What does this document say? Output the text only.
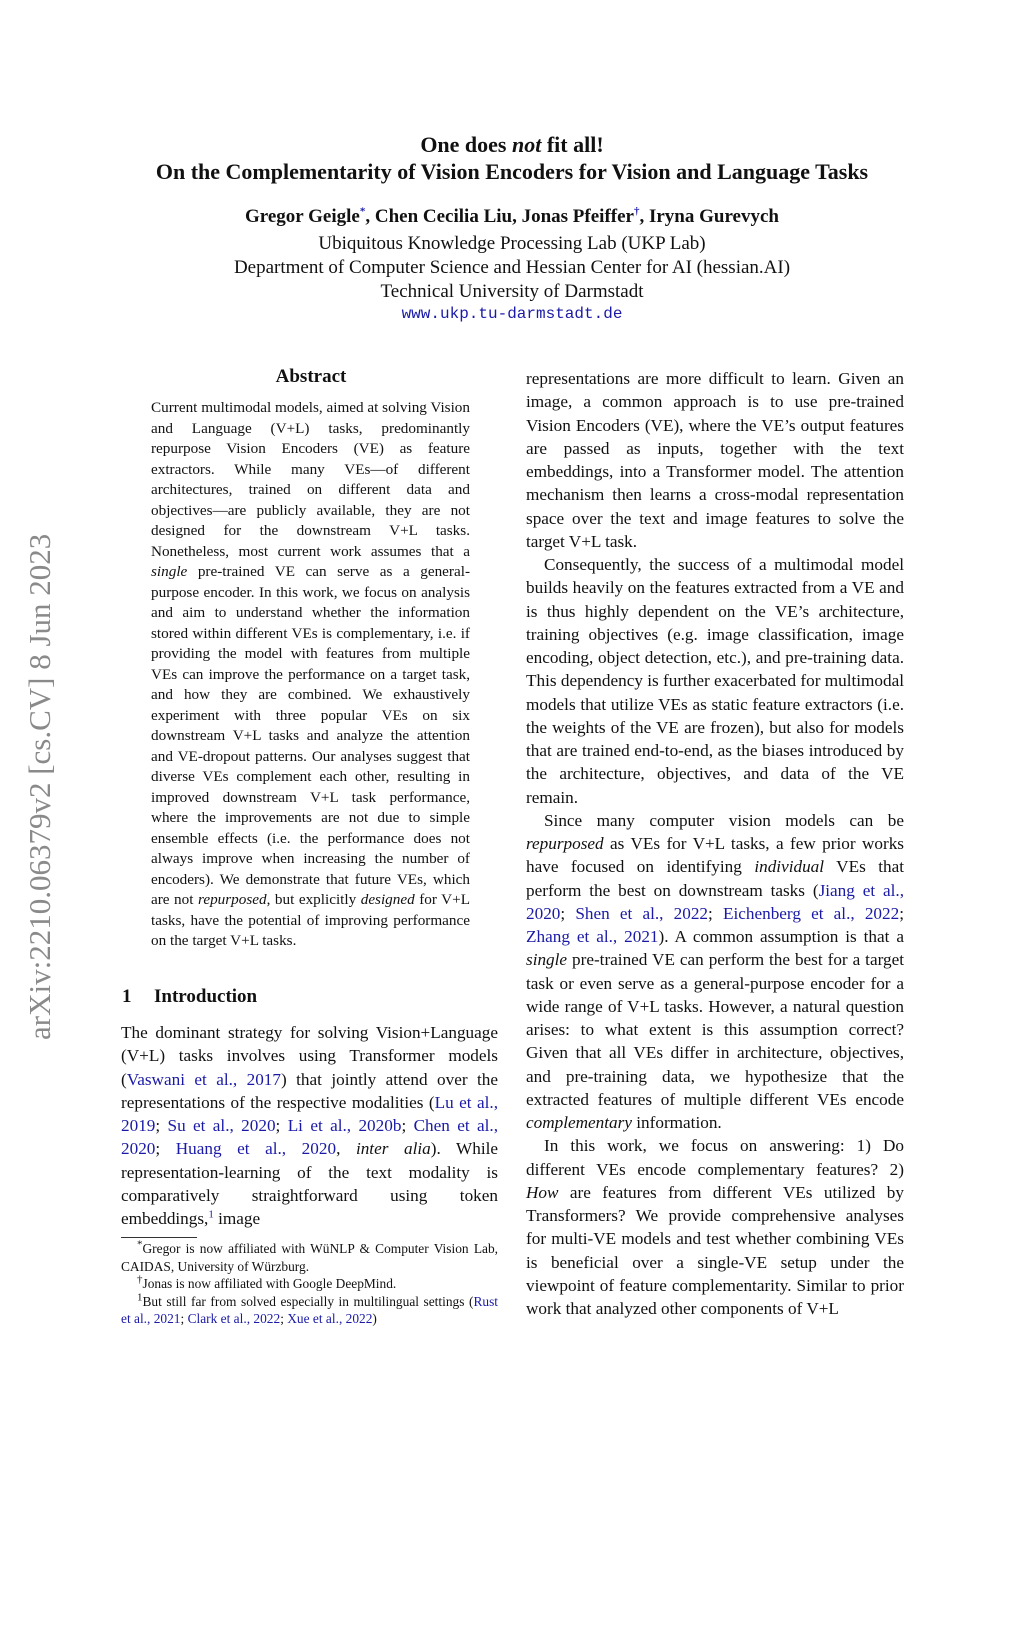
arXiv:2210.06379v2 [cs.CV] 8 Jun 2023
One does not fit all!
On the Complementarity of Vision Encoders for Vision and Language Tasks
Gregor Geigle*, Chen Cecilia Liu, Jonas Pfeiffer†, Iryna Gurevych
Ubiquitous Knowledge Processing Lab (UKP Lab)
Department of Computer Science and Hessian Center for AI (hessian.AI)
Technical University of Darmstadt
www.ukp.tu-darmstadt.de
Abstract
Current multimodal models, aimed at solving Vision and Language (V+L) tasks, predominantly repurpose Vision Encoders (VE) as feature extractors. While many VEs—of different architectures, trained on different data and objectives—are publicly available, they are not designed for the downstream V+L tasks. Nonetheless, most current work assumes that a single pre-trained VE can serve as a general-purpose encoder. In this work, we focus on analysis and aim to understand whether the information stored within different VEs is complementary, i.e. if providing the model with features from multiple VEs can improve the performance on a target task, and how they are combined. We exhaustively experiment with three popular VEs on six downstream V+L tasks and analyze the attention and VE-dropout patterns. Our analyses suggest that diverse VEs complement each other, resulting in improved downstream V+L task performance, where the improvements are not due to simple ensemble effects (i.e. the performance does not always improve when increasing the number of encoders). We demonstrate that future VEs, which are not repurposed, but explicitly designed for V+L tasks, have the potential of improving performance on the target V+L tasks.
1 Introduction
The dominant strategy for solving Vision+Language (V+L) tasks involves using Transformer models (Vaswani et al., 2017) that jointly attend over the representations of the respective modalities (Lu et al., 2019; Su et al., 2020; Li et al., 2020b; Chen et al., 2020; Huang et al., 2020, inter alia). While representation-learning of the text modality is comparatively straightforward using token embeddings,$^1$ image

*Gregor is now affiliated with WüNLP & Computer Vision Lab, CAIDAS, University of Würzburg.

†Jonas is now affiliated with Google DeepMind.

$^1$But still far from solved especially in multilingual settings (Rust et al., 2021; Clark et al., 2022; Xue et al., 2022)

representations are more difficult to learn. Given an image, a common approach is to use pre-trained Vision Encoders (VE), where the VE’s output features are passed as inputs, together with the text embeddings, into a Transformer model. The attention mechanism then learns a cross-modal representation space over the text and image features to solve the target V+L task.

Consequently, the success of a multimodal model builds heavily on the features extracted from a VE and is thus highly dependent on the VE’s architecture, training objectives (e.g. image classification, image encoding, object detection, etc.), and pre-training data. This dependency is further exacerbated for multimodal models that utilize VEs as static feature extractors (i.e. the weights of the VE are frozen), but also for models that are trained end-to-end, as the biases introduced by the architecture, objectives, and data of the VE remain.

Since many computer vision models can be repurposed as VEs for V+L tasks, a few prior works have focused on identifying individual VEs that perform the best on downstream tasks (Jiang et al., 2020; Shen et al., 2022; Eichenberg et al., 2022; Zhang et al., 2021). A common assumption is that a single pre-trained VE can perform the best for a target task or even serve as a general-purpose encoder for a wide range of V+L tasks. However, a natural question arises: to what extent is this assumption correct? Given that all VEs differ in architecture, objectives, and pre-training data, we hypothesize that the extracted features of multiple different VEs encode complementary information.

In this work, we focus on answering: 1) Do different VEs encode complementary features? 2) How are features from different VEs utilized by Transformers? We provide comprehensive analyses for multi-VE models and test whether combining VEs is beneficial over a single-VE setup under the viewpoint of feature complementarity. Similar to prior work that analyzed other components of V+L
